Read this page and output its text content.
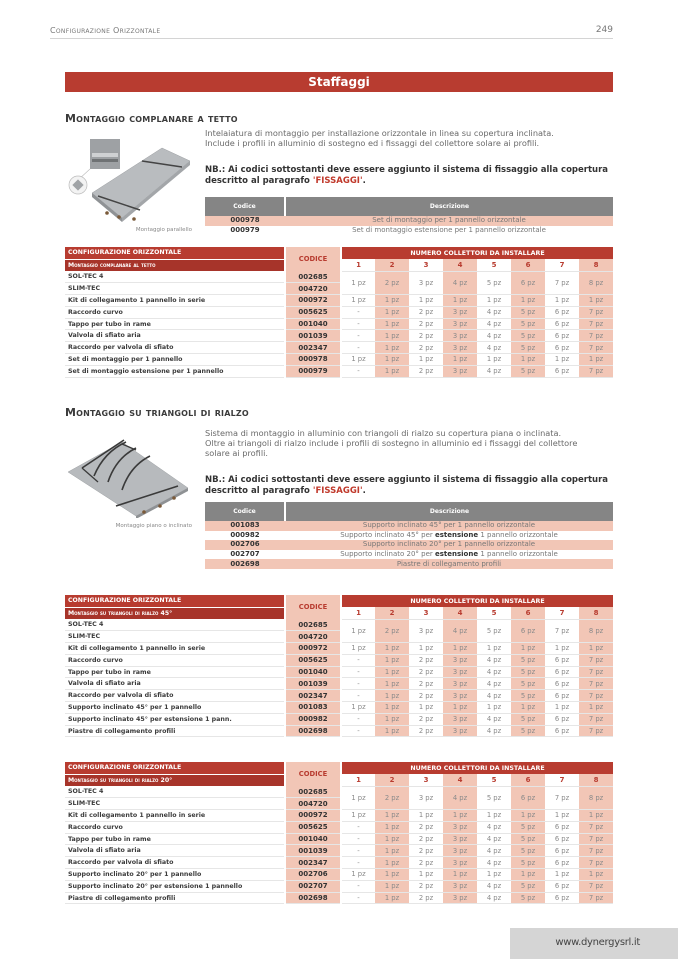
Configurazione Orizzontale	249
Staffaggi
Montaggio complanare a tetto
Montaggio parallello
Intelaiatura di montaggio per installazione orizzontale in linea su copertura inclinata.
Include i profili in alluminio di sostegno ed i fissaggi del collettore solare ai profili.
NB.: Ai codici sottostanti deve essere aggiunto il sistema di fissaggio alla copertura descritto al paragrafo 'FISSAGGI'.
Codice	Descrizione
000978	Set di montaggio per 1 pannello orizzontale
000979	Set di montaggio estensione per 1 pannello orizzontale
CONFIGURAZIONE ORIZZONTALE	CODICE	NUMERO COLLETTORI DA INSTALLARE							
Montaggio complanare al tetto		1	2	3	4	5	6	7	8
SOL-TEC 4	002685	1 pz	2 pz	3 pz	4 pz	5 pz	6 pz	7 pz	8 pz
SLIM-TEC	004720								
Kit di collegamento 1 pannello in serie	000972	1 pz	1 pz	1 pz	1 pz	1 pz	1 pz	1 pz	1 pz
Raccordo curvo	005625	-	1 pz	2 pz	3 pz	4 pz	5 pz	6 pz	7 pz
Tappo per tubo in rame	001040	-	1 pz	2 pz	3 pz	4 pz	5 pz	6 pz	7 pz
Valvola di sfiato aria	001039	-	1 pz	2 pz	3 pz	4 pz	5 pz	6 pz	7 pz
Raccordo per valvola di sfiato	002347	-	1 pz	2 pz	3 pz	4 pz	5 pz	6 pz	7 pz
Set di montaggio per 1 pannello	000978	1 pz	1 pz	1 pz	1 pz	1 pz	1 pz	1 pz	1 pz
Set di montaggio estensione per 1 pannello	000979	-	1 pz	2 pz	3 pz	4 pz	5 pz	6 pz	7 pz
Montaggio su triangoli di rialzo
Montaggio piano o inclinato
Sistema di montaggio in alluminio con triangoli di rialzo su copertura piana o inclinata.
Oltre ai triangoli di rialzo include i profili di sostegno in alluminio ed i fissaggi del collettore
solare ai profili.
NB.: Ai codici sottostanti deve essere aggiunto il sistema di fissaggio alla copertura descritto al paragrafo 'FISSAGGI'.
Codice	Descrizione
001083	Supporto inclinato 45° per 1 pannello orizzontale
000982	Supporto inclinato 45° per estensione 1 pannello orizzontale
002706	Supporto inclinato 20° per 1 pannello orizzontale
002707	Supporto inclinato 20° per estensione 1 pannello orizzontale
002698	Piastre di collegamento profili
CONFIGURAZIONE ORIZZONTALE	CODICE	NUMERO COLLETTORI DA INSTALLARE							
Montaggio su triangoli di rialzo 45°		1	2	3	4	5	6	7	8
SOL-TEC 4	002685	1 pz	2 pz	3 pz	4 pz	5 pz	6 pz	7 pz	8 pz
SLIM-TEC	004720								
Kit di collegamento 1 pannello in serie	000972	1 pz	1 pz	1 pz	1 pz	1 pz	1 pz	1 pz	1 pz
Raccordo curvo	005625	-	1 pz	2 pz	3 pz	4 pz	5 pz	6 pz	7 pz
Tappo per tubo in rame	001040	-	1 pz	2 pz	3 pz	4 pz	5 pz	6 pz	7 pz
Valvola di sfiato aria	001039	-	1 pz	2 pz	3 pz	4 pz	5 pz	6 pz	7 pz
Raccordo per valvola di sfiato	002347	-	1 pz	2 pz	3 pz	4 pz	5 pz	6 pz	7 pz
Supporto inclinato 45° per 1 pannello	001083	1 pz	1 pz	1 pz	1 pz	1 pz	1 pz	1 pz	1 pz
Supporto inclinato 45° per estensione 1 pann.	000982	-	1 pz	2 pz	3 pz	4 pz	5 pz	6 pz	7 pz
Piastre di collegamento profili	002698	-	1 pz	2 pz	3 pz	4 pz	5 pz	6 pz	7 pz
CONFIGURAZIONE ORIZZONTALE	CODICE	NUMERO COLLETTORI DA INSTALLARE							
Montaggio su triangoli di rialzo 20°		1	2	3	4	5	6	7	8
SOL-TEC 4	002685	1 pz	2 pz	3 pz	4 pz	5 pz	6 pz	7 pz	8 pz
SLIM-TEC	004720								
Kit di collegamento 1 pannello in serie	000972	1 pz	1 pz	1 pz	1 pz	1 pz	1 pz	1 pz	1 pz
Raccordo curvo	005625	-	1 pz	2 pz	3 pz	4 pz	5 pz	6 pz	7 pz
Tappo per tubo in rame	001040	-	1 pz	2 pz	3 pz	4 pz	5 pz	6 pz	7 pz
Valvola di sfiato aria	001039	-	1 pz	2 pz	3 pz	4 pz	5 pz	6 pz	7 pz
Raccordo per valvola di sfiato	002347	-	1 pz	2 pz	3 pz	4 pz	5 pz	6 pz	7 pz
Supporto inclinato 20° per 1 pannello	002706	1 pz	1 pz	1 pz	1 pz	1 pz	1 pz	1 pz	1 pz
Supporto inclinato 20° per estensione 1 pannello	002707	-	1 pz	2 pz	3 pz	4 pz	5 pz	6 pz	7 pz
Piastre di collegamento profili	002698	-	1 pz	2 pz	3 pz	4 pz	5 pz	6 pz	7 pz
www.dynergysrl.it
